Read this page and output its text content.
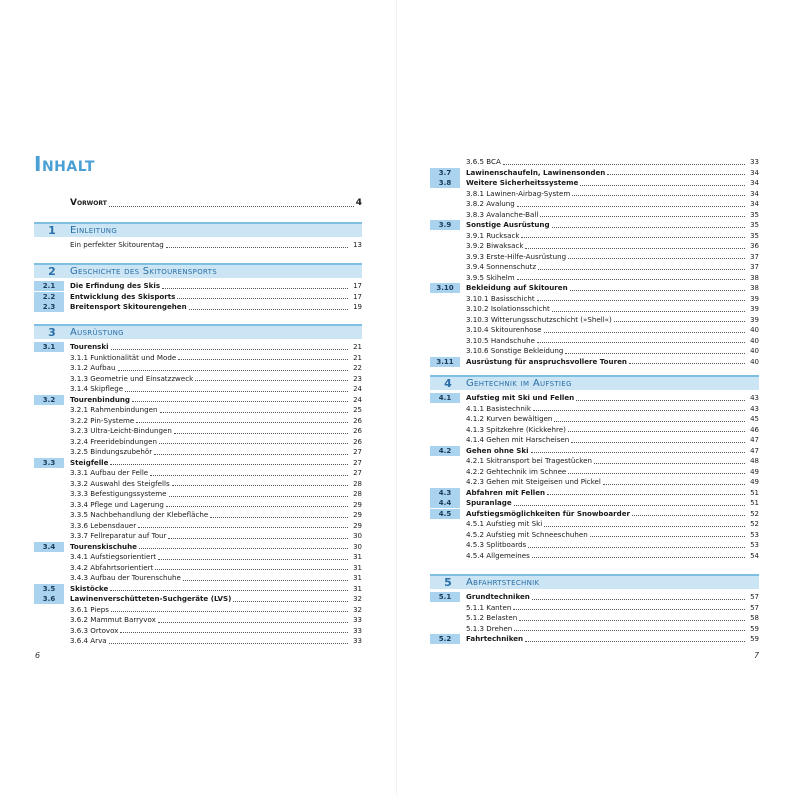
Inhalt
Vorwort	4
1	Einleitung
Ein perfekter Skitourentag	13
2	Geschichte des Skitourensports
2.1	Die Erfindung des Skis	17
2.2	Entwicklung des Skisports	17
2.3	Breitensport Skitourengehen	19
3	Ausrüstung
3.1	Tourenski	21
3.1.1 Funktionalität und Mode	21
3.1.2 Aufbau	22
3.1.3 Geometrie und Einsatzzweck	23
3.1.4 Skipflege	24
3.2	Tourenbindung	24
3.2.1 Rahmenbindungen	25
3.2.2 Pin-Systeme	26
3.2.3 Ultra-Leicht-Bindungen	26
3.2.4 Freeridebindungen	26
3.2.5 Bindungszubehör	27
3.3	Steigfelle	27
3.3.1 Aufbau der Felle	27
3.3.2 Auswahl des Steigfells	28
3.3.3 Befestigungssysteme	28
3.3.4 Pflege und Lagerung	29
3.3.5 Nachbehandlung der Klebefläche	29
3.3.6 Lebensdauer	29
3.3.7 Fellreparatur auf Tour	30
3.4	Tourenskischuhe	30
3.4.1 Aufstiegsorientiert	31
3.4.2 Abfahrtsorientiert	31
3.4.3 Aufbau der Tourenschuhe	31
3.5	Skistöcke	31
3.6	Lawinenverschütteten-Suchgeräte (LVS)	32
3.6.1 Pieps	32
3.6.2 Mammut Barryvox	33
3.6.3 Ortovox	33
3.6.4 Arva	33
6
3.6.5 BCA	33
3.7	Lawinenschaufeln, Lawinensonden	34
3.8	Weitere Sicherheitssysteme	34
3.8.1 Lawinen-Airbag-System	34
3.8.2 Avalung	34
3.8.3 Avalanche-Ball	35
3.9	Sonstige Ausrüstung	35
3.9.1 Rucksack	35
3.9.2 Biwaksack	36
3.9.3 Erste-Hilfe-Ausrüstung	37
3.9.4 Sonnenschutz	37
3.9.5 Skihelm	38
3.10	Bekleidung auf Skitouren	38
3.10.1 Basisschicht	39
3.10.2 Isolationsschicht	39
3.10.3 Witterungsschutzschicht (»Shell«)	39
3.10.4 Skitourenhose	40
3.10.5 Handschuhe	40
3.10.6 Sonstige Bekleidung	40
3.11	Ausrüstung für anspruchsvollere Touren	40
4	Gehtechnik im Aufstieg
4.1	Aufstieg mit Ski und Fellen	43
4.1.1 Basistechnik	43
4.1.2 Kurven bewältigen	45
4.1.3 Spitzkehre (Kickkehre)	46
4.1.4 Gehen mit Harscheisen	47
4.2	Gehen ohne Ski	47
4.2.1 Skitransport bei Tragestücken	48
4.2.2 Gehtechnik im Schnee	49
4.2.3 Gehen mit Steigeisen und Pickel	49
4.3	Abfahren mit Fellen	51
4.4	Spuranlage	51
4.5	Aufstiegsmöglichkeiten für Snowboarder	52
4.5.1 Aufstieg mit Ski	52
4.5.2 Aufstieg mit Schneeschuhen	53
4.5.3 Splitboards	53
4.5.4 Allgemeines	54
5	Abfahrtstechnik
5.1	Grundtechniken	57
5.1.1 Kanten	57
5.1.2 Belasten	58
5.1.3 Drehen	59
5.2	Fahrtechniken	59
7
